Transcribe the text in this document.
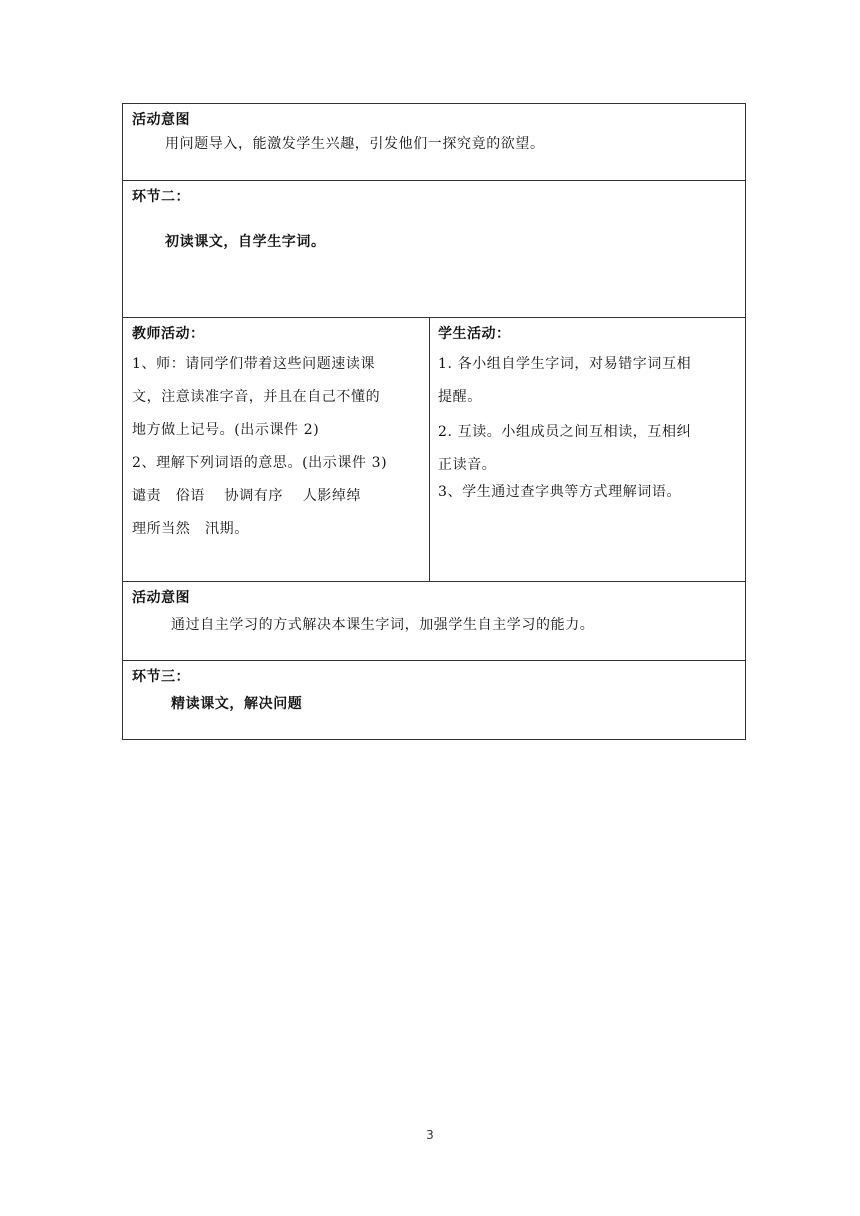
活动意图
用问题导入，能激发学生兴趣，引发他们一探究竟的欲望。
环节二：
初读课文，自学生字词。
教师活动：
1、师：请同学们带着这些问题速读课
文，注意读准字音，并且在自己不懂的
地方做上记号。(出示课件 2)
2、理解下列词语的意思。(出示课件 3)
谴责　俗语　 协调有序　 人影绰绰
理所当然　汛期。
学生活动：
1. 各小组自学生字词，对易错字词互相
提醒。
2. 互读。小组成员之间互相读，互相纠
正读音。
3、学生通过查字典等方式理解词语。
活动意图
通过自主学习的方式解决本课生字词，加强学生自主学习的能力。
环节三：
精读课文，解决问题
3
